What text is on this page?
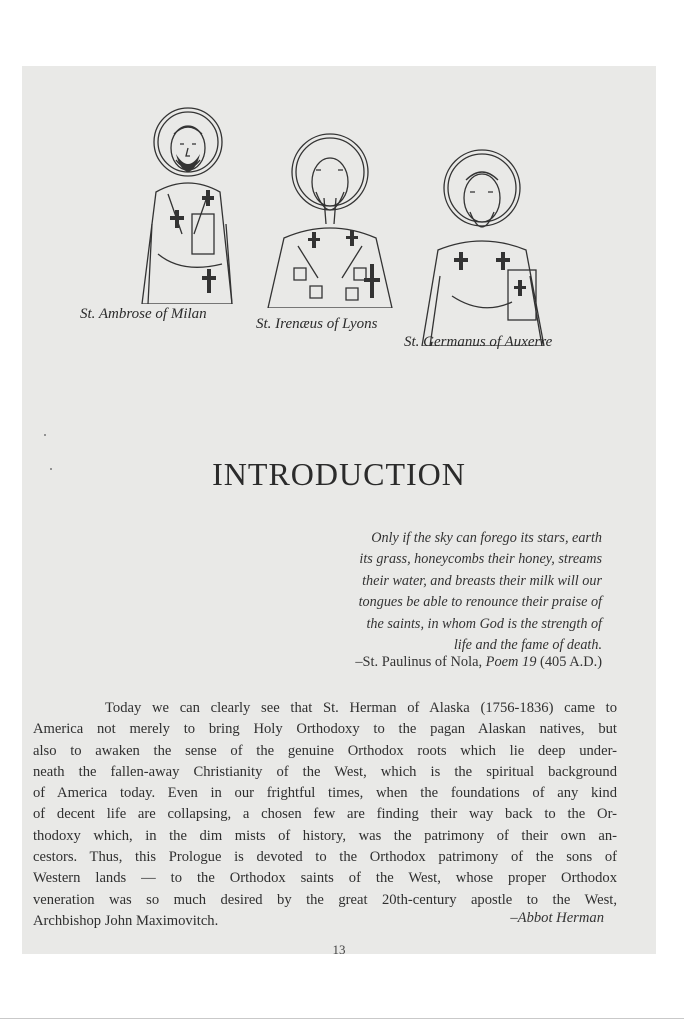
St. Ambrose of Milan
St. Irenæus of Lyons
St. Germanus of Auxerre
INTRODUCTION
Only if the sky can forego its stars, earth
its grass, honeycombs their honey, streams
their water, and breasts their milk will our
tongues be able to renounce their praise of
the saints, in whom God is the strength of
life and the fame of death.
–St. Paulinus of Nola, Poem 19 (405 A.D.)
Today we can clearly see that St. Herman of Alaska (1756-1836) came to
America not merely to bring Holy Orthodoxy to the pagan Alaskan natives, but
also to awaken the sense of the genuine Orthodox roots which lie deep under-
neath the fallen-away Christianity of the West, which is the spiritual background
of America today. Even in our frightful times, when the foundations of any kind
of decent life are collapsing, a chosen few are finding their way back to the Or-
thodoxy which, in the dim mists of history, was the patrimony of their own an-
cestors. Thus, this Prologue is devoted to the Orthodox patrimony of the sons of
Western lands — to the Orthodox saints of the West, whose proper Orthodox
veneration was so much desired by the great 20th-century apostle to the West,
Archbishop John Maximovitch.	–Abbot Herman
13
